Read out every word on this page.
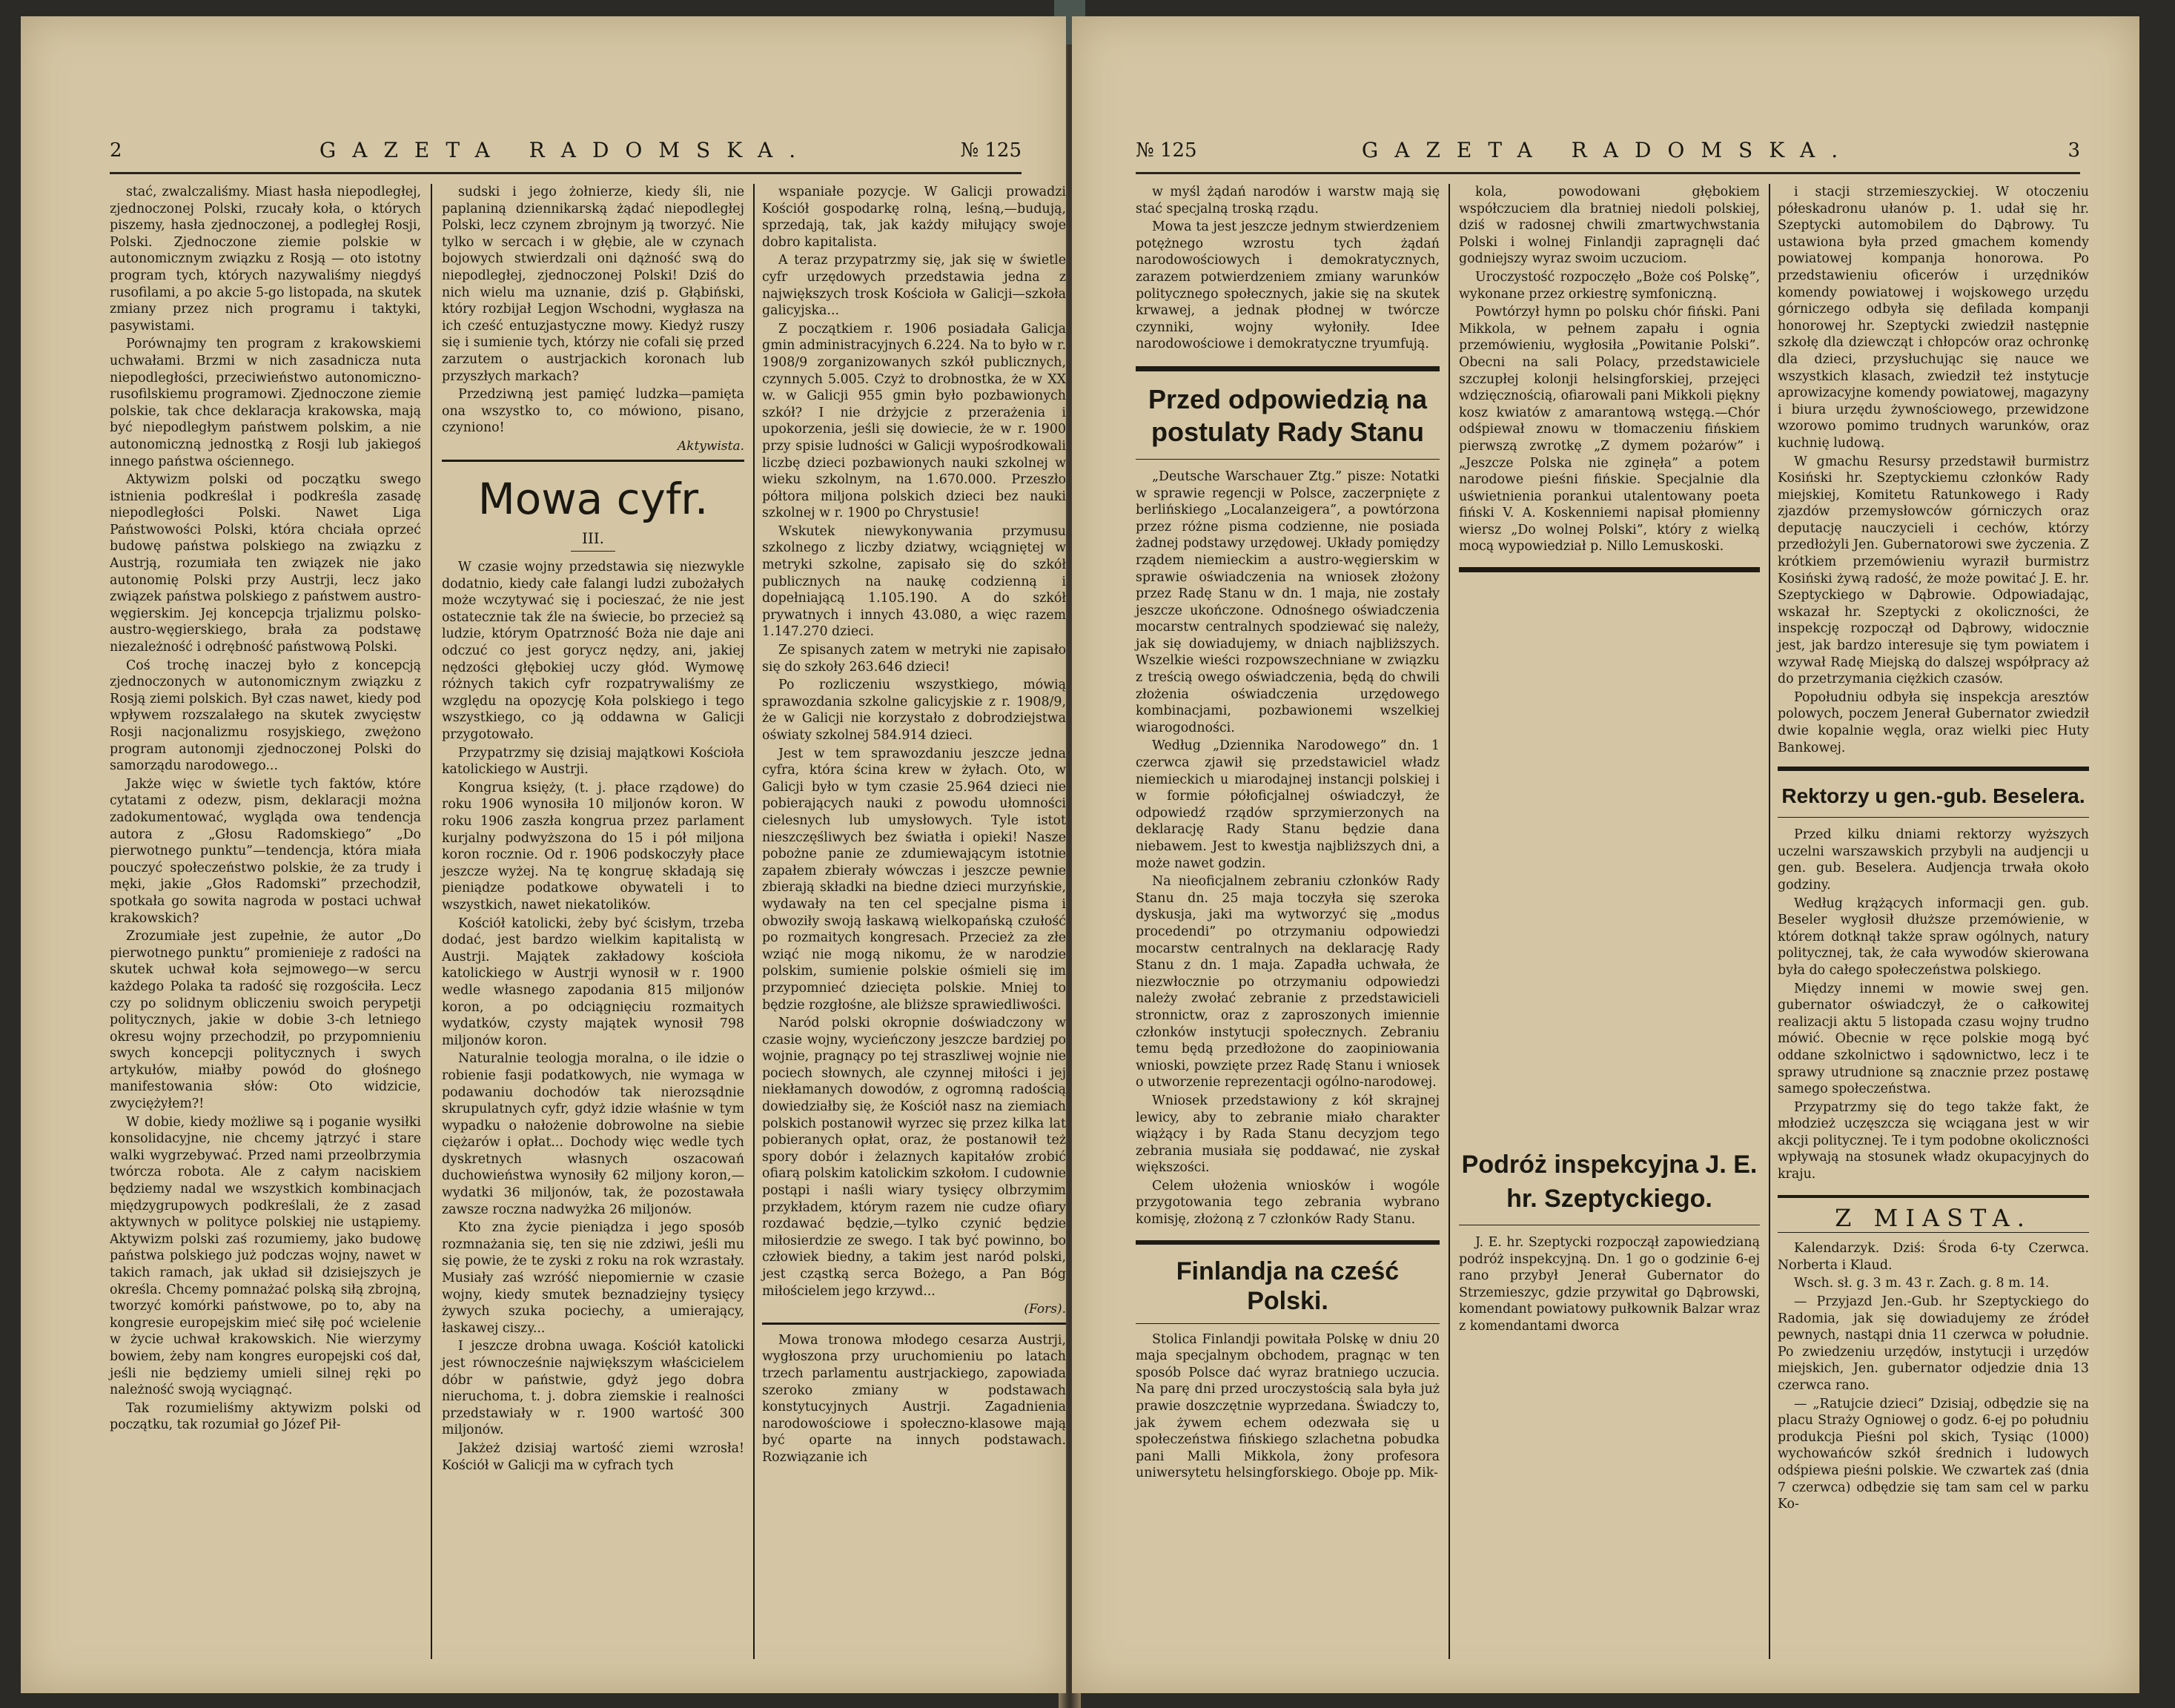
2	GAZETA RADOMSKA.	№ 125

stać, zwalczaliśmy. Miast hasła niepodległej, zjednoczonej Polski, rzucały koła, o których piszemy, hasła zjednoczonej, a podległej Rosji, Polski. Zjednoczone ziemie polskie w autonomicznym związku z Rosją — oto istotny program tych, których nazywaliśmy niegdyś rusofilami, a po akcie 5-go listopada, na skutek zmiany przez nich programu i taktyki, pasywistami.

Porównajmy ten program z krakowskiemi uchwałami. Brzmi w nich zasadnicza nuta niepodległości, przeciwieństwo autonomiczno-rusofilskiemu programowi. Zjednoczone ziemie polskie, tak chce deklaracja krakowska, mają być niepodległym państwem polskim, a nie autonomiczną jednostką z Rosji lub jakiegoś innego państwa ościennego.

Aktywizm polski od początku swego istnienia podkreślał i podkreśla zasadę niepodległości Polski. Nawet Liga Państwowości Polski, która chciała oprzeć budowę państwa polskiego na związku z Austrją, rozumiała ten związek nie jako autonomię Polski przy Austrji, lecz jako związek państwa polskiego z państwem austro-węgierskim. Jej koncepcja trjalizmu polsko-austro-węgierskiego, brała za podstawę niezależność i odrębność państwową Polski.

Coś trochę inaczej było z koncepcją zjednoczonych w autonomicznym związku z Rosją ziemi polskich. Był czas nawet, kiedy pod wpływem rozszalałego na skutek zwycięstw Rosji nacjonalizmu rosyjskiego, zwężono program autonomji zjednoczonej Polski do samorządu narodowego...

Jakże więc w świetle tych faktów, które cytatami z odezw, pism, deklaracji można zadokumentować, wygląda owa tendencja autora z „Głosu Radomskiego” „Do pierwotnego punktu”—tendencja, która miała pouczyć społeczeństwo polskie, że za trudy i męki, jakie „Głos Radomski” przechodził, spotkała go sowita nagroda w postaci uchwał krakowskich?

Zrozumiałe jest zupełnie, że autor „Do pierwotnego punktu” promienieje z radości na skutek uchwał koła sejmowego—w sercu każdego Polaka ta radość się rozgościła. Lecz czy po solidnym obliczeniu swoich perypetji politycznych, jakie w dobie 3-ch letniego okresu wojny przechodził, po przypomnieniu swych koncepcji politycznych i swych artykułów, miałby powód do głośnego manifestowania słów: Oto widzicie, zwyciężyłem?!

W dobie, kiedy możliwe są i poganie wysiłki konsolidacyjne, nie chcemy jątrzyć i stare walki wygrzebywać. Przed nami przeolbrzymia twórcza robota. Ale z całym naciskiem będziemy nadal we wszystkich kombinacjach międzygrupowych podkreślali, że z zasad aktywnych w polityce polskiej nie ustąpiemy. Aktywizm polski zaś rozumiemy, jako budowę państwa polskiego już podczas wojny, nawet w takich ramach, jak układ sił dzisiejszych je określa. Chcemy pomnażać polską siłą zbrojną, tworzyć komórki państwowe, po to, aby na kongresie europejskim mieć siłę poć wcielenie w życie uchwał krakowskich. Nie wierzymy bowiem, żeby nam kongres europejski coś dał, jeśli nie będziemy umieli silnej ręki po należność swoją wyciągnąć.

Tak rozumieliśmy aktywizm polski od początku, tak rozumiał go Józef Pił-

sudski i jego żołnierze, kiedy śli, nie paplaniną dziennikarską żądać niepodległej Polski, lecz czynem zbrojnym ją tworzyć. Nie tylko w sercach i w głębie, ale w czynach bojowych stwierdzali oni dążność swą do niepodległej, zjednoczonej Polski! Dziś do nich wielu ma uznanie, dziś p. Głąbiński, który rozbijał Legjon Wschodni, wygłasza na ich cześć entuzjastyczne mowy. Kiedyż ruszy się i sumienie tych, którzy nie cofali się przed zarzutem o austrjackich koronach lub przyszłych markach?

Przedziwną jest pamięć ludzka—pamięta ona wszystko to, co mówiono, pisano, czyniono!

Aktywista.
Mowa cyfr.
III.

W czasie wojny przedstawia się niezwykle dodatnio, kiedy całe falangi ludzi zubożałych może wczytywać się i pocieszać, że nie jest ostatecznie tak źle na świecie, bo przecież są ludzie, którym Opatrzność Boża nie daje ani odczuć co jest gorycz nędzy, ani, jakiej nędzości głębokiej uczy głód. Wymowę różnych takich cyfr rozpatrywaliśmy ze względu na opozycję Koła polskiego i tego wszystkiego, co ją oddawna w Galicji przygotowało.

Przypatrzmy się dzisiaj majątkowi Kościoła katolickiego w Austrji.

Kongrua księży, (t. j. płace rządowe) do roku 1906 wynosiła 10 miljonów koron. W roku 1906 zaszła kongrua przez parlament kurjalny podwyższona do 15 i pół miljona koron rocznie. Od r. 1906 podskoczyły płace jeszcze wyżej. Na tę kongruę składają się pieniądze podatkowe obywateli i to wszystkich, nawet niekatolików.

Kościół katolicki, żeby być ścisłym, trzeba dodać, jest bardzo wielkim kapitalistą w Austrji. Majątek zakładowy kościoła katolickiego w Austrji wynosił w r. 1900 wedle własnego zapodania 815 miljonów koron, a po odciągnięciu rozmaitych wydatków, czysty majątek wynosił 798 miljonów koron.

Naturalnie teologja moralna, o ile idzie o robienie fasji podatkowych, nie wymaga w podawaniu dochodów tak nierozsądnie skrupulatnych cyfr, gdyż idzie właśnie w tym wypadku o nałożenie dobrowolne na siebie ciężarów i opłat... Dochody więc wedle tych dyskretnych własnych oszacowań duchowieństwa wynosiły 62 miljony koron,—wydatki 36 miljonów, tak, że pozostawała zawsze roczna nadwyżka 26 miljonów.

Kto zna życie pieniądza i jego sposób rozmnażania się, ten się nie zdziwi, jeśli mu się powie, że te zyski z roku na rok wzrastały. Musiały zaś wzróść niepomiernie w czasie wojny, kiedy smutek beznadziejny tysięcy żywych szuka pociechy, a umierający, łaskawej ciszy...

I jeszcze drobna uwaga. Kościół katolicki jest równocześnie największym właścicielem dóbr w państwie, gdyż jego dobra nieruchoma, t. j. dobra ziemskie i realności przedstawiały w r. 1900 wartość 300 miljonów.

Jakżeż dzisiaj wartość ziemi wzrosła! Kościół w Galicji ma w cyfrach tych

wspaniałe pozycje. W Galicji prowadzi Kościół gospodarkę rolną, leśną,—budują, sprzedają, tak, jak każdy miłujący swoje dobro kapitalista.

A teraz przypatrzmy się, jak się w świetle cyfr urzędowych przedstawia jedna z największych trosk Kościoła w Galicji—szkoła galicyjska...

Z początkiem r. 1906 posiadała Galicja gmin administracyjnych 6.224. Na to było w r. 1908/9 zorganizowanych szkół publicznych, czynnych 5.005. Czyż to drobnostka, że w XX w. w Galicji 955 gmin było pozbawionych szkół? I nie drżyjcie z przerażenia i upokorzenia, jeśli się dowiecie, że w r. 1900 przy spisie ludności w Galicji wypośrodkowali liczbę dzieci pozbawionych nauki szkolnej w wieku szkolnym, na 1.670.000. Przeszło półtora miljona polskich dzieci bez nauki szkolnej w r. 1900 po Chrystusie!

Wskutek niewykonywania przymusu szkolnego z liczby dziatwy, wciągniętej w metryki szkolne, zapisało się do szkół publicznych na naukę codzienną i dopełniającą 1.105.190. A do szkół prywatnych i innych 43.080, a więc razem 1.147.270 dzieci.

Ze spisanych zatem w metryki nie zapisało się do szkoły 263.646 dzieci!

Po rozliczeniu wszystkiego, mówią sprawozdania szkolne galicyjskie z r. 1908/9, że w Galicji nie korzystało z dobrodziejstwa oświaty szkolnej 584.914 dzieci.

Jest w tem sprawozdaniu jeszcze jedna cyfra, która ścina krew w żyłach. Oto, w Galicji było w tym czasie 25.964 dzieci nie pobierających nauki z powodu ułomności cielesnych lub umysłowych. Tyle istot nieszczęśliwych bez światła i opieki! Nasze pobożne panie ze zdumiewającym istotnie zapałem zbierały wówczas i jeszcze pewnie zbierają składki na biedne dzieci murzyńskie, wydawały na ten cel specjalne pisma i obwoziły swoją łaskawą wielkopańską czułość po rozmaitych kongresach. Przecież za złe wziąć nie mogą nikomu, że w narodzie polskim, sumienie polskie ośmieli się im przypomnieć dziecięta polskie. Mniej to będzie rozgłośne, ale bliższe sprawiedliwości.

Naród polski okropnie doświadczony w czasie wojny, wycieńczony jeszcze bardziej po wojnie, pragnący po tej straszliwej wojnie nie pociech słownych, ale czynnej miłości i jej niekłamanych dowodów, z ogromną radością dowiedziałby się, że Kościół nasz na ziemiach polskich postanowił wyrzec się przez kilka lat pobieranych opłat, oraz, że postanowił też spory dobór i żelaznych kapitałów zrobić ofiarą polskim katolickim szkołom. I cudownie postąpi i naśli wiary tysięcy olbrzymim przykładem, którym razem nie cudze ofiary rozdawać będzie,—tylko czynić będzie miłosierdzie ze swego. I tak być powinno, bo człowiek biedny, a takim jest naród polski, jest cząstką serca Bożego, a Pan Bóg miłościelem jego krzywd...

(Fors).

Mowa tronowa młodego cesarza Austrji, wygłoszona przy uruchomieniu po latach trzech parlamentu austrjackiego, zapowiada szeroko zmiany w podstawach konstytucyjnych Austrji. Zagadnienia narodowościowe i społeczno-klasowe mają być oparte na innych podstawach. Rozwiązanie ich

№ 125	GAZETA RADOMSKA.	3

w myśl żądań narodów i warstw mają się stać specjalną troską rządu.

Mowa ta jest jeszcze jednym stwierdzeniem potężnego wzrostu tych żądań narodowościowych i demokratycznych, zarazem potwierdzeniem zmiany warunków politycznego społecznych, jakie się na skutek krwawej, a jednak płodnej w twórcze czynniki, wojny wyłoniły. Idee narodowościowe i demokratyczne tryumfują.

Przed odpowiedzią na postulaty Rady Stanu

„Deutsche Warschauer Ztg.” pisze: Notatki w sprawie regencji w Polsce, zaczerpnięte z berlińskiego „Localanzeigera”, a powtórzona przez różne pisma codzienne, nie posiada żadnej podstawy urzędowej. Układy pomiędzy rządem niemieckim a austro-węgierskim w sprawie oświadczenia na wniosek złożony przez Radę Stanu w dn. 1 maja, nie zostały jeszcze ukończone. Odnośnego oświadczenia mocarstw centralnych spodziewać się należy, jak się dowiadujemy, w dniach najbliższych. Wszelkie wieści rozpowszechniane w związku z treścią owego oświadczenia, będą do chwili złożenia oświadczenia urzędowego kombinacjami, pozbawionemi wszelkiej wiarogodności.

Według „Dziennika Narodowego” dn. 1 czerwca zjawił się przedstawiciel władz niemieckich u miarodajnej instancji polskiej i w formie półoficjalnej oświadczył, że odpowiedź rządów sprzymierzonych na deklarację Rady Stanu będzie dana niebawem. Jest to kwestja najbliższych dni, a może nawet godzin.

Na nieoficjalnem zebraniu członków Rady Stanu dn. 25 maja toczyła się szeroka dyskusja, jaki ma wytworzyć się „modus procedendi” po otrzymaniu odpowiedzi mocarstw centralnych na deklarację Rady Stanu z dn. 1 maja. Zapadła uchwała, że niezwłocznie po otrzymaniu odpowiedzi należy zwołać zebranie z przedstawicieli stronnictw, oraz z zaproszonych imiennie członków instytucji społecznych. Zebraniu temu będą przedłożone do zaopiniowania wnioski, powzięte przez Radę Stanu i wniosek o utworzenie reprezentacji ogólno-narodowej.

Wniosek przedstawiony z kół skrajnej lewicy, aby to zebranie miało charakter wiążący i by Rada Stanu decyzjom tego zebrania musiała się poddawać, nie zyskał większości.

Celem ułożenia wniosków i wogóle przygotowania tego zebrania wybrano komisję, złożoną z 7 członków Rady Stanu.

Finlandja na cześć Polski.

Stolica Finlandji powitała Polskę w dniu 20 maja specjalnym obchodem, pragnąc w ten sposób Polsce dać wyraz bratniego uczucia. Na parę dni przed uroczystością sala była już prawie doszczętnie wyprzedana. Świadczy to, jak żywem echem odezwała się u społeczeństwa fińskiego szlachetna pobudka pani Malli Mikkola, żony profesora uniwersytetu helsingforskiego. Oboje pp. Mik-

kola, powodowani głębokiem współczuciem dla bratniej niedoli polskiej, dziś w radosnej chwili zmartwychwstania Polski i wolnej Finlandji zapragnęli dać godniejszy wyraz swoim uczuciom.

Uroczystość rozpoczęło „Boże coś Polskę”, wykonane przez orkiestrę symfoniczną.

Powtórzył hymn po polsku chór fiński. Pani Mikkola, w pełnem zapału i ognia przemówieniu, wygłosiła „Powitanie Polski”. Obecni na sali Polacy, przedstawiciele szczupłej kolonji helsingforskiej, przejęci wdzięcznością, ofiarowali pani Mikkoli piękny kosz kwiatów z amarantową wstęgą.—Chór odśpiewał znowu w tłomaczeniu fińskiem pierwszą zwrotkę „Z dymem pożarów” i „Jeszcze Polska nie zginęła” a potem narodowe pieśni fińskie. Specjalnie dla uświetnienia porankui utalentowany poeta fiński V. A. Koskenniemi napisał płomienny wiersz „Do wolnej Polski”, który z wielką mocą wypowiedział p. Nillo Lemuskoski.

Podróż inspekcyjna J. E. hr. Szeptyckiego.

J. E. hr. Szeptycki rozpoczął zapowiedzianą podróż inspekcyjną. Dn. 1 go o godzinie 6-ej rano przybył Jenerał Gubernator do Strzemieszyc, gdzie przywitał go Dąbrowski, komendant powiatowy pułkownik Balzar wraz z komendantami dworca

i stacji strzemieszyckiej. W otoczeniu półeskadronu ułanów p. 1. udał się hr. Szeptycki automobilem do Dąbrowy. Tu ustawiona była przed gmachem komendy powiatowej kompanja honorowa. Po przedstawieniu oficerów i urzędników komendy powiatowej i wojskowego urzędu górniczego odbyła się defilada kompanji honorowej hr. Szeptycki zwiedził następnie szkołę dla dziewcząt i chłopców oraz ochronkę dla dzieci, przysłuchując się nauce we wszystkich klasach, zwiedził też instytucje aprowizacyjne komendy powiatowej, magazyny i biura urzędu żywnościowego, przewidzone wzorowo pomimo trudnych warunków, oraz kuchnię ludową.

W gmachu Resursy przedstawił burmistrz Kosiński hr. Szeptyckiemu członków Rady miejskiej, Komitetu Ratunkowego i Rady zjazdów przemysłowców górniczych oraz deputację nauczycieli i cechów, którzy przedłożyli Jen. Gubernatorowi swe życzenia. Z krótkiem przemówieniu wyraził burmistrz Kosiński żywą radość, że może powitać J. E. hr. Szeptyckiego w Dąbrowie. Odpowiadając, wskazał hr. Szeptycki z okoliczności, że inspekcję rozpoczął od Dąbrowy, widocznie jest, jak bardzo interesuje się tym powiatem i wzywał Radę Miejską do dalszej współpracy aż do przetrzymania ciężkich czasów.

Popołudniu odbyła się inspekcja aresztów polowych, poczem Jenerał Gubernator zwiedził dwie kopalnie węgla, oraz wielki piec Huty Bankowej.

Rektorzy u gen.-gub. Beselera.

Przed kilku dniami rektorzy wyższych uczelni warszawskich przybyli na audjencji u gen. gub. Beselera. Audjencja trwała około godziny.

Według krążących informacji gen. gub. Beseler wygłosił dłuższe przemówienie, w którem dotknął także spraw ogólnych, natury politycznej, tak, że cała wywodów skierowana była do całego społeczeństwa polskiego.

Między innemi w mowie swej gen. gubernator oświadczył, że o całkowitej realizacji aktu 5 listopada czasu wojny trudno mówić. Obecnie w ręce polskie mogą być oddane szkolnictwo i sądownictwo, lecz i te sprawy utrudnione są znacznie przez postawę samego społeczeństwa.

Przypatrzmy się do tego także fakt, że młodzież uczęszcza się wciągana jest w wir akcji politycznej. Te i tym podobne okoliczności wpływają na stosunek władz okupacyjnych do kraju.

Z MIASTA.

Kalendarzyk. Dziś: Środa 6-ty Czerwca. Norberta i Klaud.

Wsch. sł. g. 3 m. 43 r. Zach. g. 8 m. 14.

— Przyjazd Jen.-Gub. hr Szeptyckiego do Radomia, jak się dowiadujemy ze źródeł pewnych, nastąpi dnia 11 czerwca w południe. Po zwiedzeniu urzędów, instytucji i urzędów miejskich, Jen. gubernator odjedzie dnia 13 czerwca rano.

— „Ratujcie dzieci” Dzisiaj, odbędzie się na placu Straży Ogniowej o godz. 6-ej po południu produkcja Pieśni pol skich, Tysiąc (1000) wychowańców szkół średnich i ludowych odśpiewa pieśni polskie. We czwartek zaś (dnia 7 czerwca) odbędzie się tam sam cel w parku Ko-
